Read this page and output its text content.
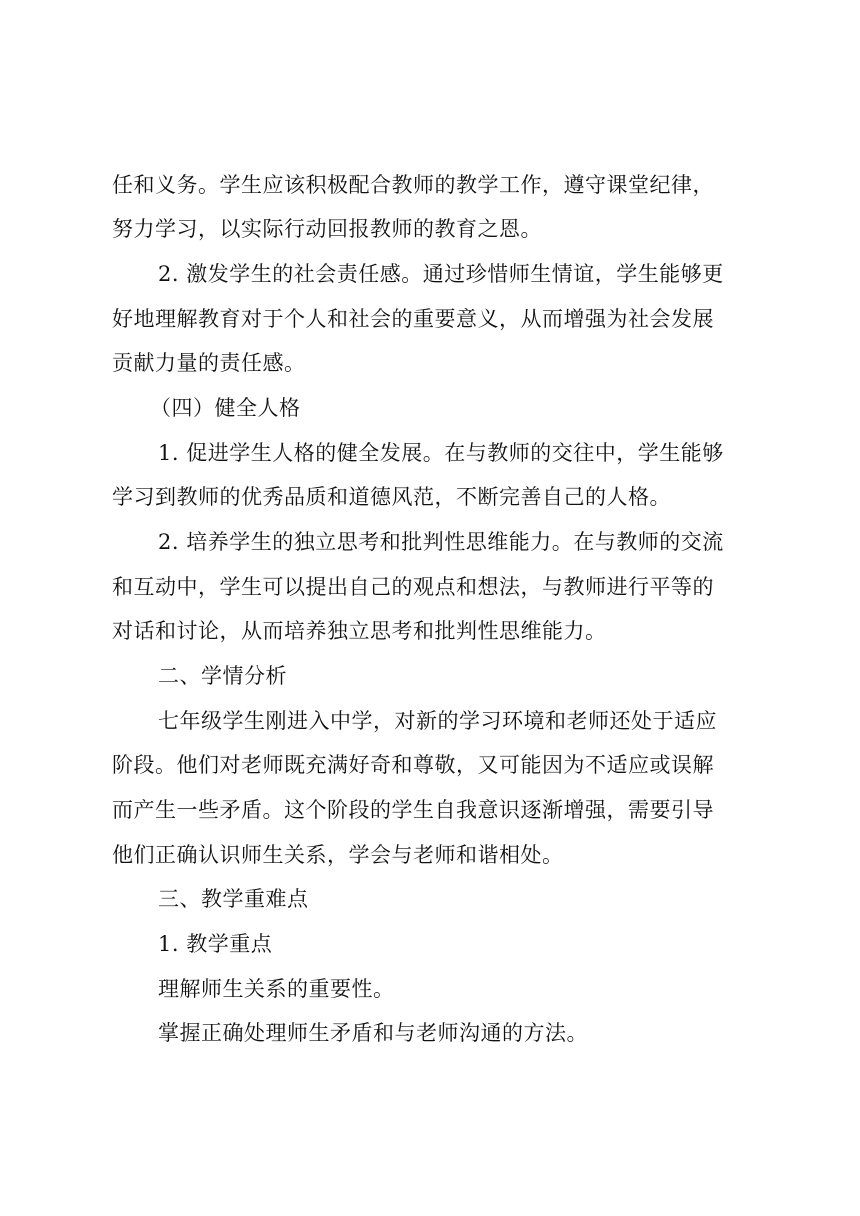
任和义务。学生应该积极配合教师的教学工作，遵守课堂纪律，
努力学习，以实际行动回报教师的教育之恩。
2. 激发学生的社会责任感。通过珍惜师生情谊，学生能够更
好地理解教育对于个人和社会的重要意义，从而增强为社会发展
贡献力量的责任感。
（四）健全人格
1. 促进学生人格的健全发展。在与教师的交往中，学生能够
学习到教师的优秀品质和道德风范，不断完善自己的人格。
2. 培养学生的独立思考和批判性思维能力。在与教师的交流
和互动中，学生可以提出自己的观点和想法，与教师进行平等的
对话和讨论，从而培养独立思考和批判性思维能力。
二、学情分析
七年级学生刚进入中学，对新的学习环境和老师还处于适应
阶段。他们对老师既充满好奇和尊敬，又可能因为不适应或误解
而产生一些矛盾。这个阶段的学生自我意识逐渐增强，需要引导
他们正确认识师生关系，学会与老师和谐相处。
三、教学重难点
1. 教学重点
理解师生关系的重要性。
掌握正确处理师生矛盾和与老师沟通的方法。
